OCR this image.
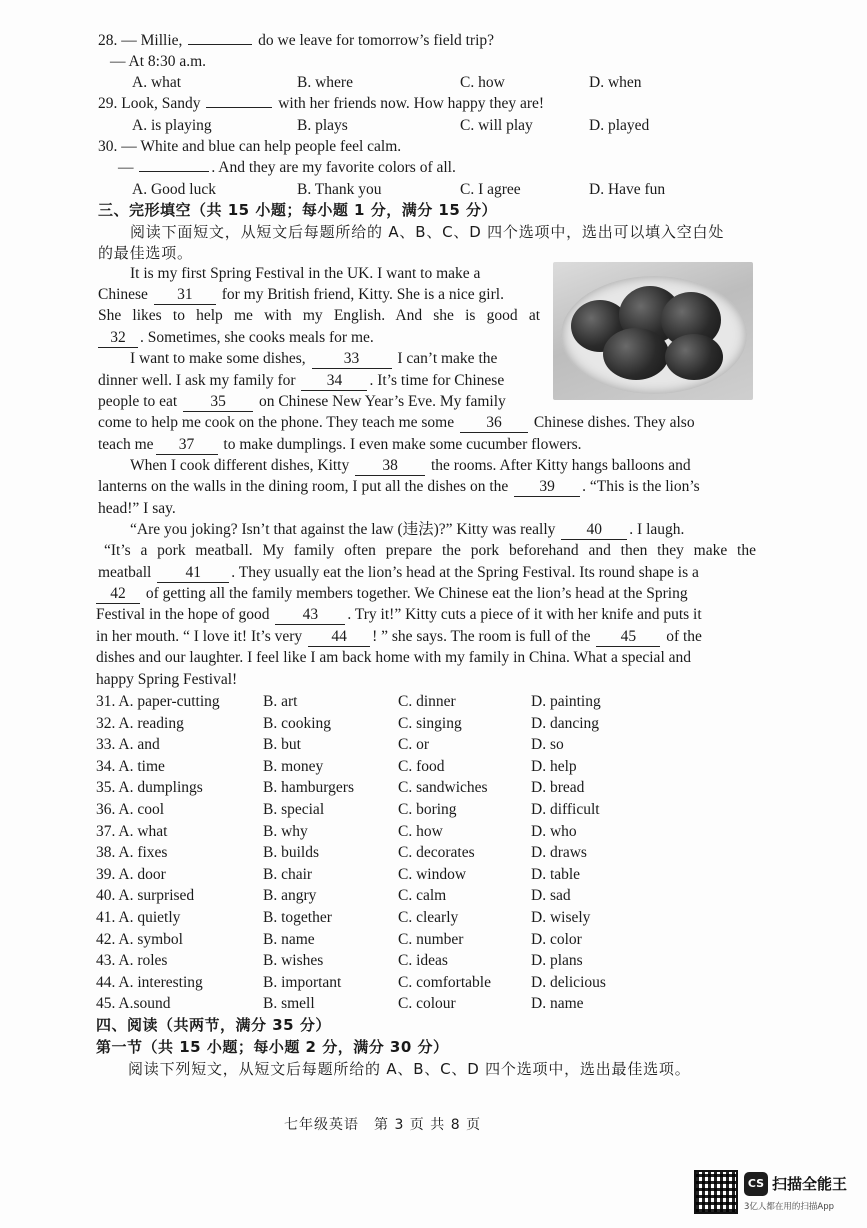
28. — Millie,	do we leave for tomorrow’s field trip?
— At 8:30 a.m.
A. what	B. where	C. how	D. when
29. Look, Sandy	with her friends now. How happy they are!
A. is playing	B. plays	C. will play	D. played
30. — White and blue can help people feel calm.
—	. And they are my favorite colors of all.
A. Good luck	B. Thank you	C. I agree	D. Have fun
三、完形填空（共 15 小题；每小题 1 分，满分 15 分）
阅读下面短文，从短文后每题所给的 A、B、C、D 四个选项中，选出可以填入空白处
的最佳选项。
It is my first Spring Festival in the UK. I want to make a
Chinese 31 for my British friend, Kitty. She is a nice girl.
She likes to help me with my English. And she is good at
32 . Sometimes, she cooks meals for me.
I want to make some dishes, 33 I can’t make the
dinner well. I ask my family for 34 . It’s time for Chinese
people to eat 35 on Chinese New Year’s Eve. My family
come to help me cook on the phone. They teach me some 36 Chinese dishes. They also
teach me 37 to make dumplings. I even make some cucumber flowers.
When I cook different dishes, Kitty 38 the rooms. After Kitty hangs balloons and
lanterns on the walls in the dining room, I put all the dishes on the 39 . “This is the lion’s
head!” I say.
“Are you joking? Isn’t that against the law (违法)?” Kitty was really 40 . I laugh.
“It’s a pork meatball. My family often prepare the pork beforehand and then they make the
meatball 41 . They usually eat the lion’s head at the Spring Festival. Its round shape is a
42 of getting all the family members together. We Chinese eat the lion’s head at the Spring
Festival in the hope of good 43 . Try it!” Kitty cuts a piece of it with her knife and puts it
in her mouth. “ I love it! It’s very 44 ! ” she says. The room is full of the 45 of the
dishes and our laughter. I feel like I am back home with my family in China. What a special and
happy Spring Festival!
31. A. paper-cutting	B. art	C. dinner	D. painting
32. A. reading	B. cooking	C. singing	D. dancing
33. A. and	B. but	C. or	D. so
34. A. time	B. money	C. food	D. help
35. A. dumplings	B. hamburgers	C. sandwiches	D. bread
36. A. cool	B. special	C. boring	D. difficult
37. A. what	B. why	C. how	D. who
38. A. fixes	B. builds	C. decorates	D. draws
39. A. door	B. chair	C. window	D. table
40. A. surprised	B. angry	C. calm	D. sad
41. A. quietly	B. together	C. clearly	D. wisely
42. A. symbol	B. name	C. number	D. color
43. A. roles	B. wishes	C. ideas	D. plans
44. A. interesting	B. important	C. comfortable	D. delicious
45. A.sound	B. smell	C. colour	D. name
四、阅读（共两节，满分 35 分）
第一节（共 15 小题；每小题 2 分，满分 30 分）
阅读下列短文，从短文后每题所给的 A、B、C、D 四个选项中，选出最佳选项。
七年级英语　第 3 页 共 8 页
CS 扫描全能王
3亿人都在用的扫描App
